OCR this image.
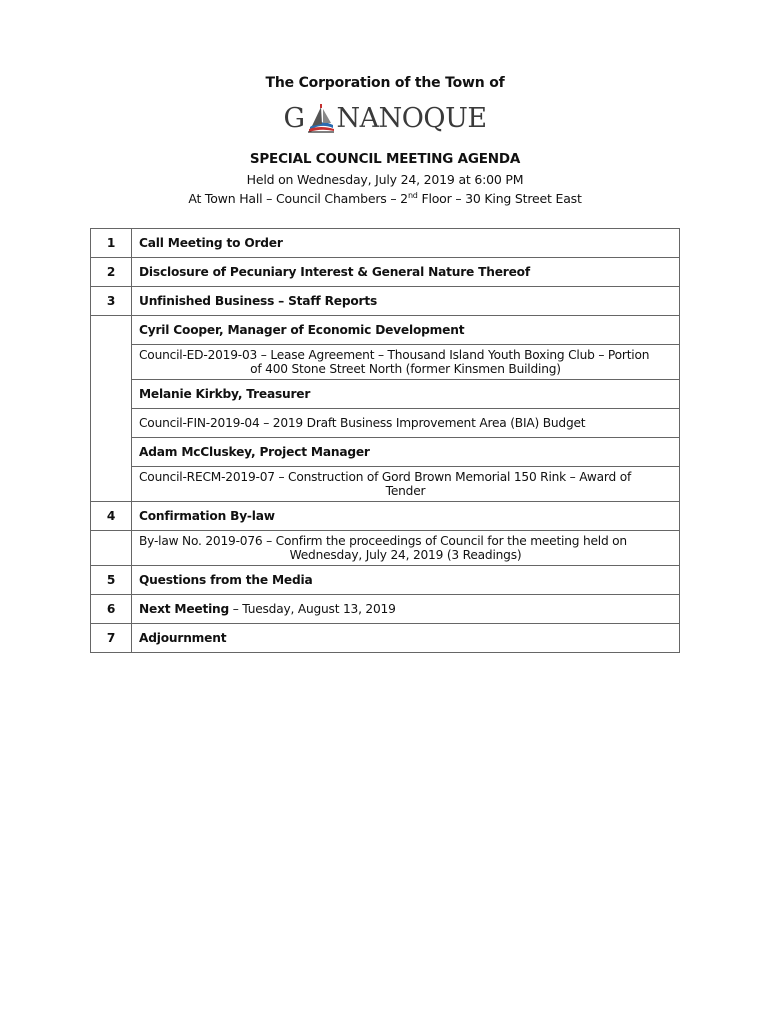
The Corporation of the Town of
G NANOQUE
SPECIAL COUNCIL MEETING AGENDA
Held on Wednesday, July 24, 2019 at 6:00 PM
At Town Hall – Council Chambers – 2nd Floor – 30 King Street East
1	Call Meeting to Order
2	Disclosure of Pecuniary Interest & General Nature Thereof
3	Unfinished Business – Staff Reports
	Cyril Cooper, Manager of Economic Development

	Council-ED-2019-03 – Lease Agreement – Thousand Island Youth Boxing Club – Portion
of 400 Stone Street North (former Kinsmen Building)

	Melanie Kirkby, Treasurer
	Council-FIN-2019-04 – 2019 Draft Business Improvement Area (BIA) Budget
	Adam McCluskey, Project Manager

	Council-RECM-2019-07 – Construction of Gord Brown Memorial 150 Rink – Award of
Tender

4	Confirmation By-law

	By-law No. 2019-076 – Confirm the proceedings of Council for the meeting held on
Wednesday, July 24, 2019 (3 Readings)

5	Questions from the Media
6	Next Meeting – Tuesday, August 13, 2019
7	Adjournment
